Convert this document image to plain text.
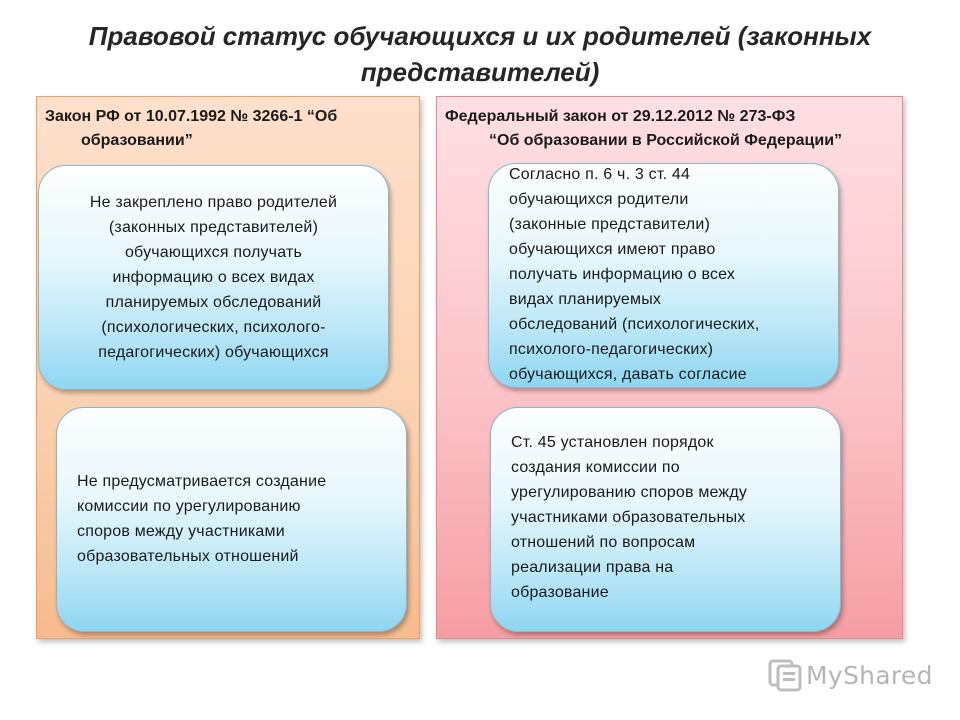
Правовой статус обучающихся и их родителей (законных
представителей)
Закон РФ от 10.07.1992 № 3266-1 “Об
образовании”
Федеральный закон от 29.12.2012 № 273-ФЗ
“Об образовании в Российской Федерации”
Не закреплено право родителей
(законных представителей)
обучающихся получать
информацию о всех видах
планируемых обследований
(психологических, психолого-
педагогических) обучающихся
Не предусматривается создание
комиссии по урегулированию
споров между участниками
образовательных отношений
Согласно п. 6 ч. 3 ст. 44
обучающихся родители
(законные представители)
обучающихся имеют право
получать информацию о всех
видах планируемых
обследований (психологических,
психолого-педагогических)
обучающихся, давать согласие
Ст. 45 установлен порядок
создания комиссии по
урегулированию споров между
участниками образовательных
отношений по вопросам
реализации права на
образование
MyShared
